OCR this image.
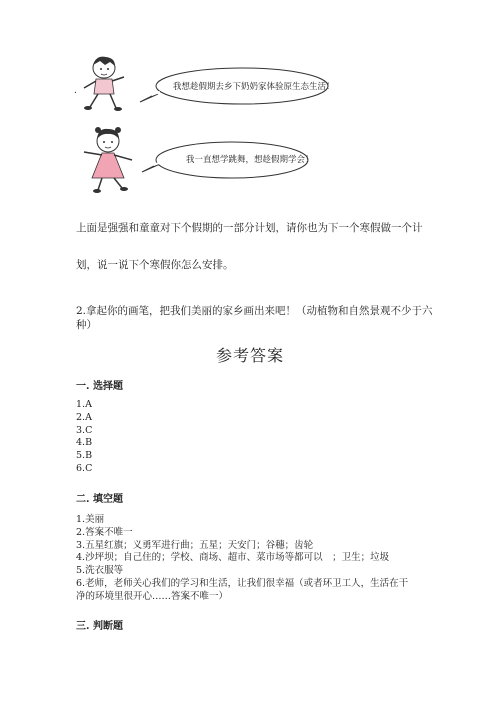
.	我想趁假期去乡下奶奶家体验原生态生活！
我一直想学跳舞，想趁假期学会！
上面是强强和童童对下个假期的一部分计划，请你也为下一个寒假做一个计
划，说一说下个寒假你怎么安排。
2.拿起你的画笔，把我们美丽的家乡画出来吧！（动植物和自然景观不少于六
种）
参考答案
一. 选择题
1.A
2.A
3.C
4.B
5.B
6.C
二. 填空题
1.美丽
2.答案不唯一
3.五星红旗；义勇军进行曲；五星；天安门；谷穗；齿轮
4.沙坪坝；自己住的；学校、商场、超市、菜市场等都可以　；卫生；垃圾
5.洗衣服等
6.老师，老师关心我们的学习和生活，让我们很幸福（或者环卫工人，生活在干
净的环境里很开心……答案不唯一）
三. 判断题
